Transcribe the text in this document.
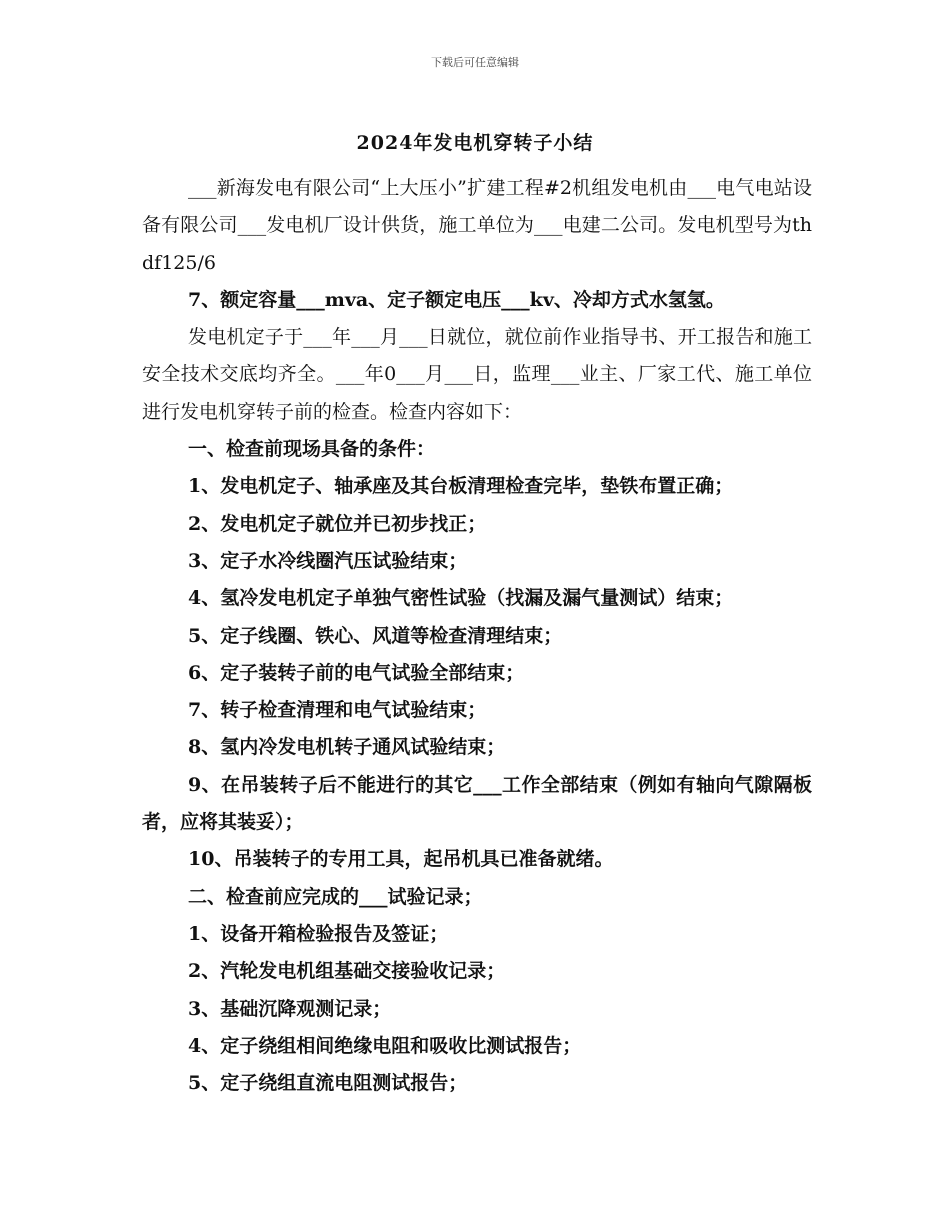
下载后可任意编辑
2024年发电机穿转子小结

___新海发电有限公司“上大压小”扩建工程#2机组发电机由___电气电站设备有限公司___发电机厂设计供货，施工单位为___电建二公司。发电机型号为thdf125/6

7、额定容量___mva、定子额定电压___kv、冷却方式水氢氢。

发电机定子于___年___月___日就位，就位前作业指导书、开工报告和施工安全技术交底均齐全。___年0___月___日，监理___业主、厂家工代、施工单位进行发电机穿转子前的检查。检查内容如下：

一、检查前现场具备的条件：

1、发电机定子、轴承座及其台板清理检查完毕，垫铁布置正确；

2、发电机定子就位并已初步找正；

3、定子水冷线圈汽压试验结束；

4、氢冷发电机定子单独气密性试验（找漏及漏气量测试）结束；

5、定子线圈、铁心、风道等检查清理结束；

6、定子装转子前的电气试验全部结束；

7、转子检查清理和电气试验结束；

8、氢内冷发电机转子通风试验结束；

9、在吊装转子后不能进行的其它___工作全部结束（例如有轴向气隙隔板者，应将其装妥）；

10、吊装转子的专用工具，起吊机具已准备就绪。

二、检查前应完成的___试验记录；

1、设备开箱检验报告及签证；

2、汽轮发电机组基础交接验收记录；

3、基础沉降观测记录；

4、定子绕组相间绝缘电阻和吸收比测试报告；

5、定子绕组直流电阻测试报告；
